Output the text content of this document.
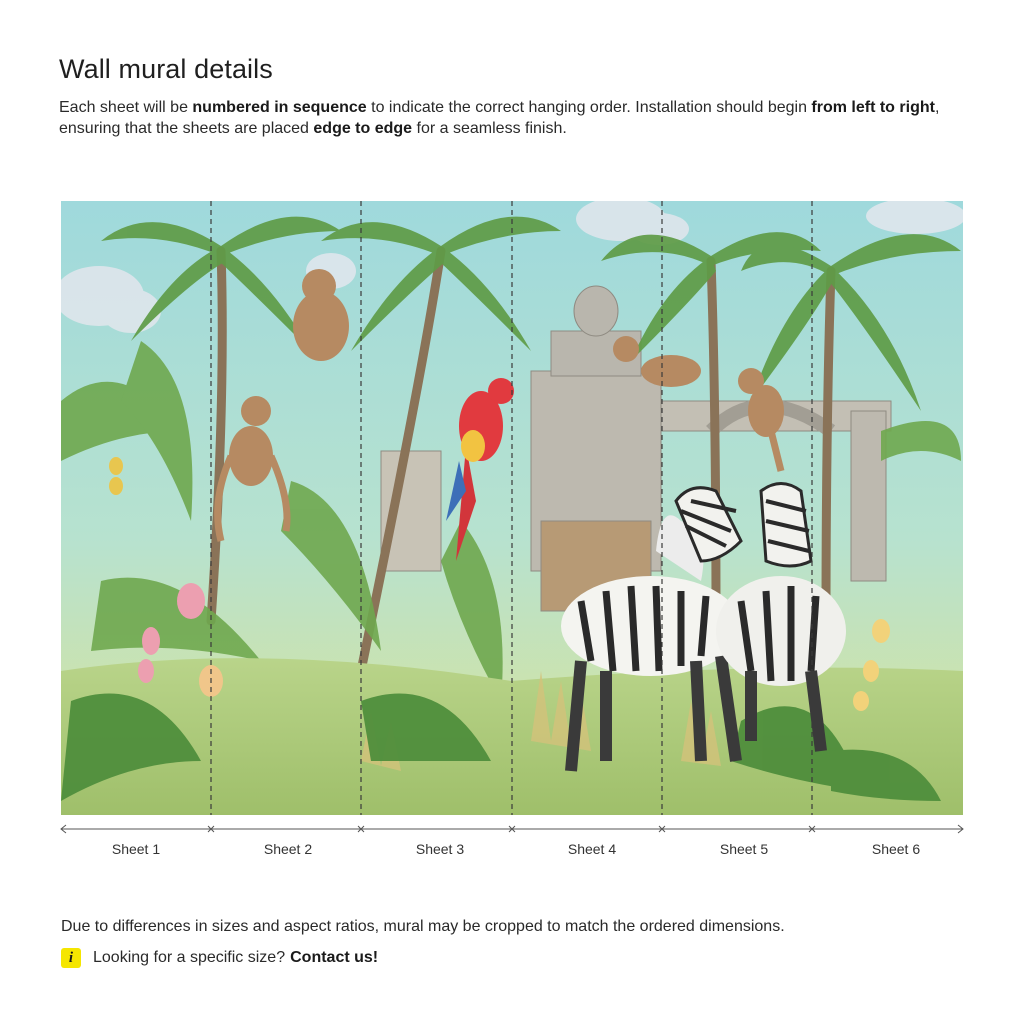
Wall mural details

Each sheet will be numbered in sequence to indicate the correct hanging order. Installation should begin from left to right, ensuring that the sheets are placed edge to edge for a seamless finish.

Sheet 1	Sheet 2	Sheet 3	Sheet 4	Sheet 5	Sheet 6

Due to differences in sizes and aspect ratios, mural may be cropped to match the ordered dimensions.

i	Looking for a specific size? Contact us!
